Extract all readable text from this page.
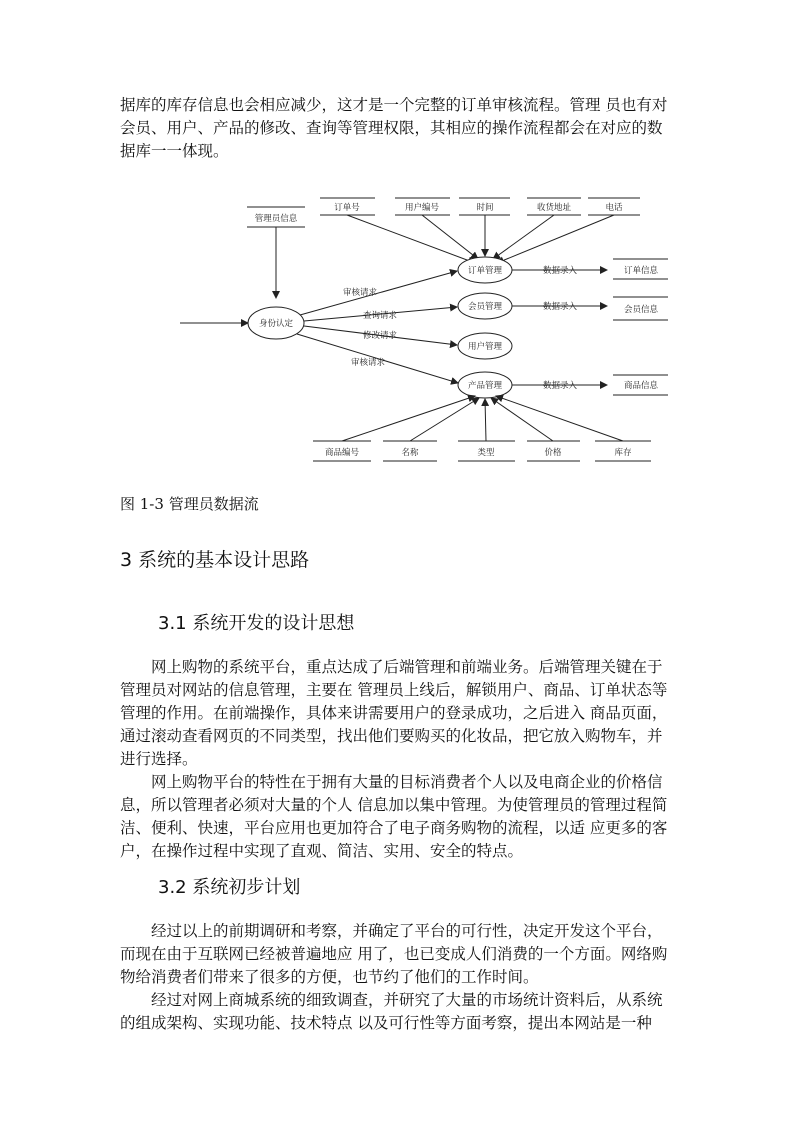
据库的库存信息也会相应减少，这才是一个完整的订单审核流程。管理 员也有对会员、用户、产品的修改、查询等管理权限，其相应的操作流程都会在对应的数据库一一体现。

订单号	用户编号	时间	收货地址	电话
管理员信息
身份认定
订单管理
会员管理
用户管理
产品管理
审核请求
查询请求
修改请求
审核请求
数据录入
数据录入
数据录入
订单信息
会员信息
商品信息
商品编号	名称	类型	价格	库存

图 1-3 管理员数据流

3 系统的基本设计思路
3.1 系统开发的设计思想

网上购物的系统平台，重点达成了后端管理和前端业务。后端管理关键在于管理员对网站的信息管理，主要在 管理员上线后，解锁用户、商品、订单状态等管理的作用。在前端操作，具体来讲需要用户的登录成功，之后进入 商品页面，通过滚动查看网页的不同类型，找出他们要购买的化妆品，把它放入购物车，并进行选择。

网上购物平台的特性在于拥有大量的目标消费者个人以及电商企业的价格信息，所以管理者必须对大量的个人 信息加以集中管理。为使管理员的管理过程简洁、便利、快速，平台应用也更加符合了电子商务购物的流程，以适 应更多的客户，在操作过程中实现了直观、简洁、实用、安全的特点。

3.2 系统初步计划

经过以上的前期调研和考察，并确定了平台的可行性，决定开发这个平台，而现在由于互联网已经被普遍地应 用了，也已变成人们消费的一个方面。网络购物给消费者们带来了很多的方便，也节约了他们的工作时间。

经过对网上商城系统的细致调查，并研究了大量的市场统计资料后，从系统的组成架构、实现功能、技术特点 以及可行性等方面考察，提出本网站是一种
